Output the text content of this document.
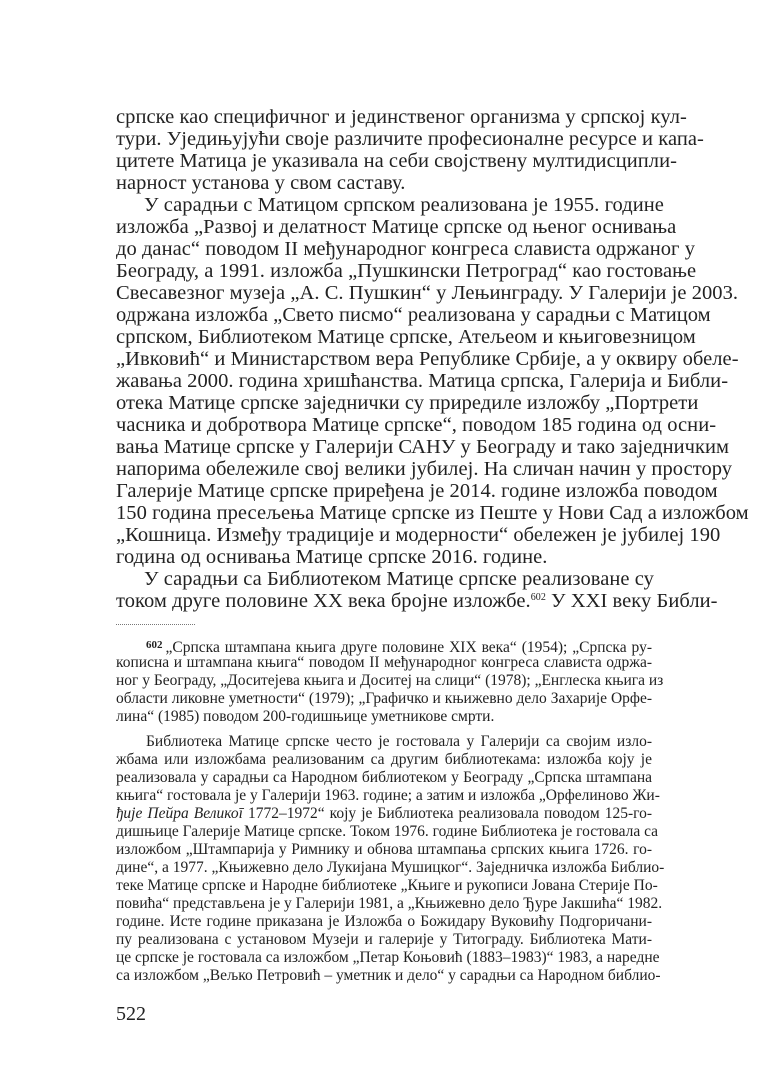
српске као специфичног и јединственог организма у српској кул-
тури. Уједињујући своје различите професионалне ресурсе и капа-
цитете Матица је указивала на себи својствену мултидисципли-
нарност установа у свом саставу.
У сарадњи с Матицом српском реализована је 1955. године
изложба „Развој и делатност Матице српске од њеног оснивања
до данас“ поводом II међународног конгреса слависта одржаног у
Београду, а 1991. изложба „Пушкински Петроград“ као гостовање
Свесавезног музеја „А. С. Пушкин“ у Лењинграду. У Галерији је 2003.
одржана изложба „Свето писмо“ реализована у сарадњи с Матицом
српском, Библиотеком Матице српске, Атељеом и књиговезницом
„Ивковић“ и Министарством вера Републике Србије, а у оквиру обеле-
жавања 2000. година хришћанства. Матица српска, Галерија и Библи-
отека Матице српске заједнички су приредиле изложбу „Портрети
часника и добротвора Матице српске“, поводом 185 година од осни-
вања Матице српске у Галерији САНУ у Београду и тако заједничким
напорима обележиле свој велики јубилеј. На сличан начин у простору
Галерије Матице српске приређена је 2014. године изложба поводом
150 година пресељења Матице српске из Пеште у Нови Сад а изложбом
„Кошница. Између традиције и модерности“ обележен је јубилеј 190
година од оснивања Матице српске 2016. године.
У сарадњи са Библиотеком Матице српске реализоване су
током друге половине XX века бројне изложбе.$^{602}$ У XXI веку Библи-
$^{602}$ „Српска штампана књига друге половине XIX века“ (1954); „Српска ру-
кописна и штампана књига“ поводом II међународног конгреса слависта одржа-
ног у Београду, „Доситејева књига и Доситеј на слици“ (1978); „Енглеска књига из
области ликовне уметности“ (1979); „Графичко и књижевно дело Захарије Орфе-
лина“ (1985) поводом 200-годишњице уметникове смрти.
Библиотека Матице српске често је гостовала у Галерији са својим изло-
жбама или изложбама реализованим са другим библиотекама: изложба коју је
реализовала у сарадњи са Народном библиотеком у Београду „Српска штампана
књига“ гостовала је у Галерији 1963. године; а затим и изложба „Орфелиново Жи-
ђије Пейра Великоī 1772–1972“ коју је Библиотека реализовала поводом 125-го-
дишњице Галерије Матице српске. Током 1976. године Библиотека је гостовала са
изложбом „Штампарија у Римнику и обнова штампања српских књига 1726. го-
дине“, а 1977. „Књижевно дело Лукијана Мушицког“. Заједничка изложба Библио-
теке Матице српске и Народне библиотеке „Књиге и рукописи Јована Стерије По-
повића“ представљена је у Галерији 1981, а „Књижевно дело Ђуре Јакшића“ 1982.
године. Исте године приказана је Изложба о Божидару Вуковићу Подгоричани-
пу реализована с установом Музеји и галерије у Титограду. Библиотека Мати-
це српске је гостовала са изложбом „Петар Коњовић (1883–1983)“ 1983, а наредне
са изложбом „Вељко Петровић – уметник и дело“ у сарадњи са Народном библио-
522
